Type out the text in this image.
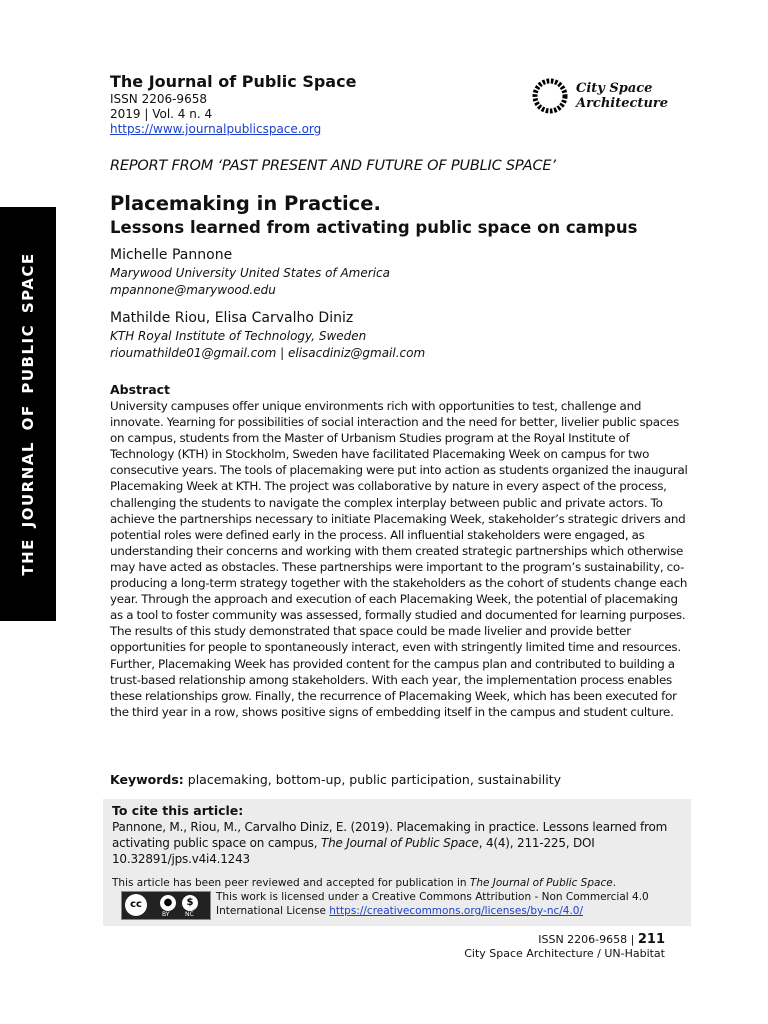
THE JOURNAL OF PUBLIC SPACE
The Journal of Public Space
ISSN 2206-9658
2019 | Vol. 4 n. 4
https://www.journalpublicspace.org
City Space
Architecture
REPORT FROM ‘PAST PRESENT AND FUTURE OF PUBLIC SPACE’
Placemaking in Practice.
Lessons learned from activating public space on campus
Michelle Pannone
Marywood University United States of America
mpannone@marywood.edu
Mathilde Riou, Elisa Carvalho Diniz
KTH Royal Institute of Technology, Sweden
rioumathilde01@gmail.com | elisacdiniz@gmail.com
Abstract

University campuses offer unique environments rich with opportunities to test, challenge and innovate. Yearning for possibilities of social interaction and the need for better, livelier public spaces on campus, students from the Master of Urbanism Studies program at the Royal Institute of Technology (KTH) in Stockholm, Sweden have facilitated Placemaking Week on campus for two consecutive years. The tools of placemaking were put into action as students organized the inaugural Placemaking Week at KTH. The project was collaborative by nature in every aspect of the process, challenging the students to navigate the complex interplay between public and private actors. To achieve the partnerships necessary to initiate Placemaking Week, stakeholder’s strategic drivers and potential roles were defined early in the process. All influential stakeholders were engaged, as understanding their concerns and working with them created strategic partnerships which otherwise may have acted as obstacles. These partnerships were important to the program’s sustainability, co-producing a long-term strategy together with the stakeholders as the cohort of students change each year. Through the approach and execution of each Placemaking Week, the potential of placemaking as a tool to foster community was assessed, formally studied and documented for learning purposes. The results of this study demonstrated that space could be made livelier and provide better opportunities for people to spontaneously interact, even with stringently limited time and resources. Further, Placemaking Week has provided content for the campus plan and contributed to building a trust-based relationship among stakeholders. With each year, the implementation process enables these relationships grow. Finally, the recurrence of Placemaking Week, which has been executed for the third year in a row, shows positive signs of embedding itself in the campus and student culture.

Keywords: placemaking, bottom-up, public participation, sustainability
To cite this article:
Pannone, M., Riou, M., Carvalho Diniz, E. (2019). Placemaking in practice. Lessons learned from activating public space on campus, The Journal of Public Space, 4(4), 211-225, DOI 10.32891/jps.v4i4.1243
This article has been peer reviewed and accepted for publication in The Journal of Public Space.
cc	●	$
BY	NC
This work is licensed under a Creative Commons Attribution - Non Commercial 4.0 International License https://creativecommons.org/licenses/by-nc/4.0/
ISSN 2206-9658 | 211
City Space Architecture / UN-Habitat
